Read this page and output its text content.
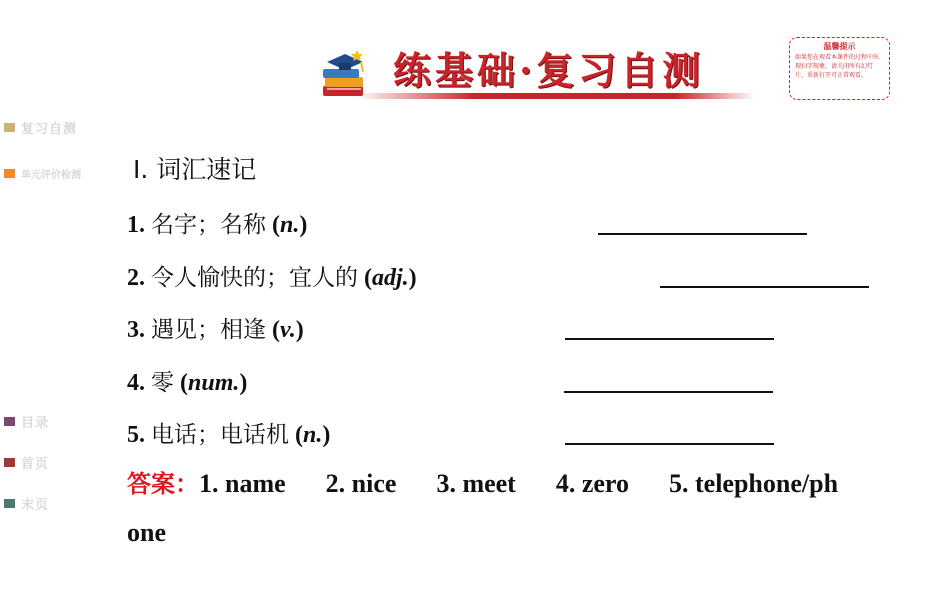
复习自测
单元评价检测
目录
首页
末页
练基础·复习自测
温馨提示
如果您在观看本课件的过程中出现扫字现象，请关闭所有幻灯片，重新打开可正常观看。
Ⅰ. 词汇速记
1. 名字；名称 (n.)
2. 令人愉快的；宜人的 (adj.)
3. 遇见；相逢 (v.)
4. 零 (num.)
5. 电话；电话机 (n.)
答案：1. name 2. nice 3. meet 4. zero 5. telephone/ph
one
